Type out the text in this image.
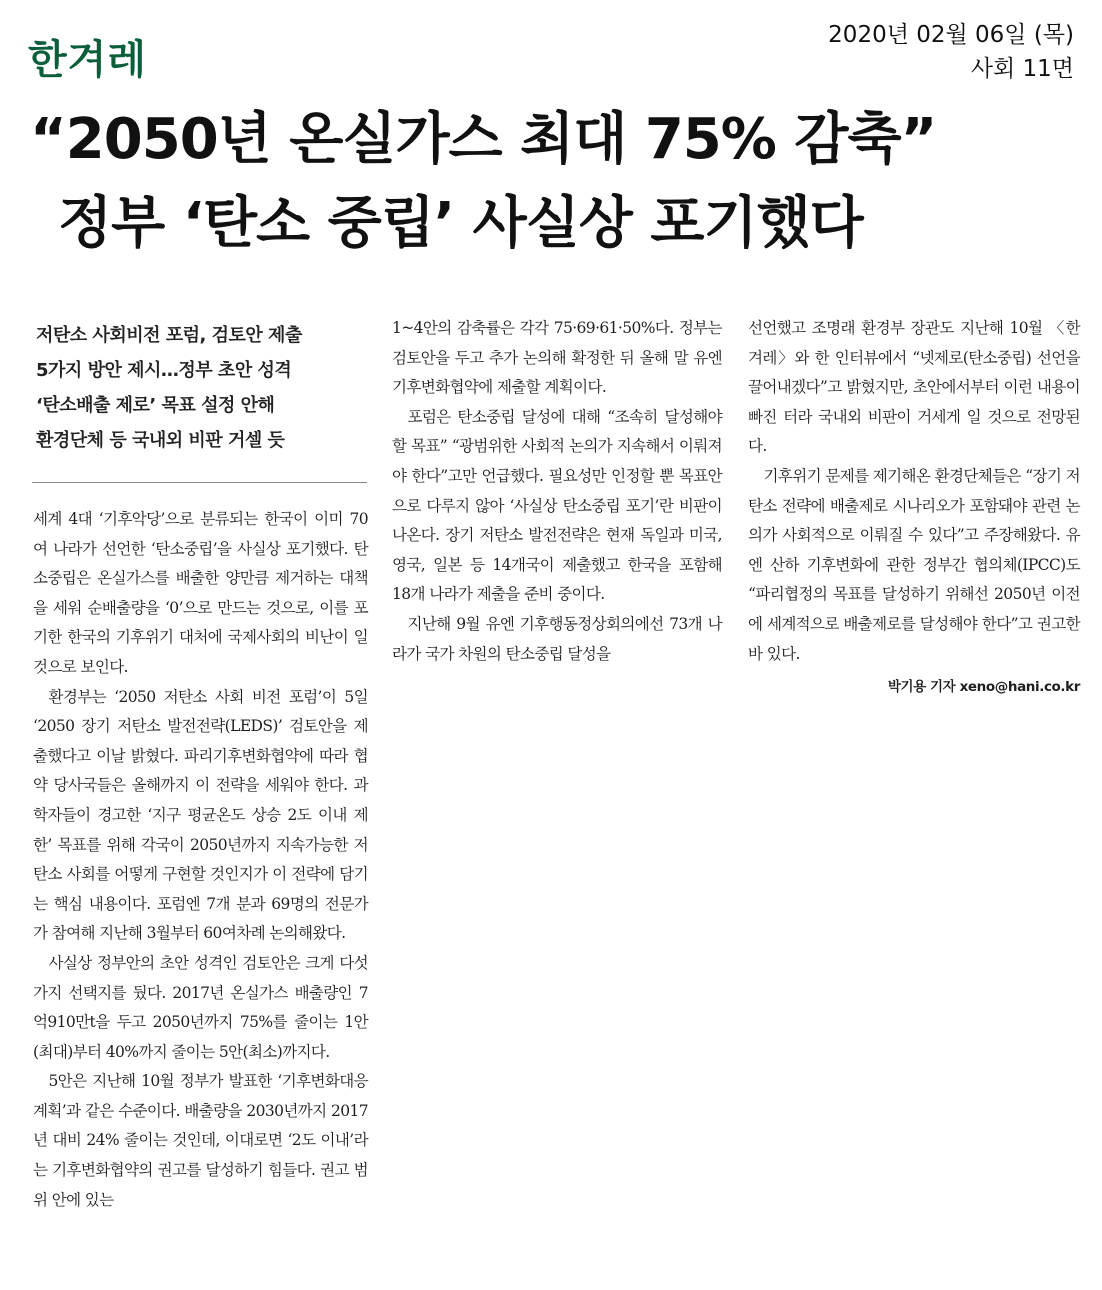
한겨레
2020년 02월 06일 (목)
사회 11면
“2050년 온실가스 최대 75% 감축”
정부 ‘탄소 중립’ 사실상 포기했다
저탄소 사회비전 포럼, 검토안 제출
5가지 방안 제시…정부 초안 성격
‘탄소배출 제로’ 목표 설정 안해
환경단체 등 국내외 비판 거셀 듯

세계 4대 ‘기후악당’으로 분류되는 한국이 이미 70여 나라가 선언한 ‘탄소중립’을 사실상 포기했다. 탄소중립은 온실가스를 배출한 양만큼 제거하는 대책을 세워 순배출량을 ‘0’으로 만드는 것으로, 이를 포기한 한국의 기후위기 대처에 국제사회의 비난이 일 것으로 보인다.

환경부는 ‘2050 저탄소 사회 비전 포럼’이 5일 ‘2050 장기 저탄소 발전전략(LEDS)’ 검토안을 제출했다고 이날 밝혔다. 파리기후변화협약에 따라 협약 당사국들은 올해까지 이 전략을 세워야 한다. 과학자들이 경고한 ‘지구 평균온도 상승 2도 이내 제한’ 목표를 위해 각국이 2050년까지 지속가능한 저탄소 사회를 어떻게 구현할 것인지가 이 전략에 담기는 핵심 내용이다. 포럼엔 7개 분과 69명의 전문가가 참여해 지난해 3월부터 60여차례 논의해왔다.

사실상 정부안의 초안 성격인 검토안은 크게 다섯 가지 선택지를 뒀다. 2017년 온실가스 배출량인 7억910만t을 두고 2050년까지 75%를 줄이는 1안(최대)부터 40%까지 줄이는 5안(최소)까지다.

5안은 지난해 10월 정부가 발표한 ‘기후변화대응계획’과 같은 수준이다. 배출량을 2030년까지 2017년 대비 24% 줄이는 것인데, 이대로면 ‘2도 이내’라는 기후변화협약의 권고를 달성하기 힘들다. 권고 범위 안에 있는

1~4안의 감축률은 각각 75·69·61·50%다. 정부는 검토안을 두고 추가 논의해 확정한 뒤 올해 말 유엔기후변화협약에 제출할 계획이다.

포럼은 탄소중립 달성에 대해 “조속히 달성해야 할 목표” “광범위한 사회적 논의가 지속해서 이뤄져야 한다”고만 언급했다. 필요성만 인정할 뿐 목표안으로 다루지 않아 ‘사실상 탄소중립 포기’란 비판이 나온다. 장기 저탄소 발전전략은 현재 독일과 미국, 영국, 일본 등 14개국이 제출했고 한국을 포함해 18개 나라가 제출을 준비 중이다.

지난해 9월 유엔 기후행동정상회의에선 73개 나라가 국가 차원의 탄소중립 달성을

선언했고 조명래 환경부 장관도 지난해 10월 〈한겨레〉와 한 인터뷰에서 “넷제로(탄소중립) 선언을 끌어내겠다”고 밝혔지만, 초안에서부터 이런 내용이 빠진 터라 국내외 비판이 거세게 일 것으로 전망된다.

기후위기 문제를 제기해온 환경단체들은 “장기 저탄소 전략에 배출제로 시나리오가 포함돼야 관련 논의가 사회적으로 이뤄질 수 있다”고 주장해왔다. 유엔 산하 기후변화에 관한 정부간 협의체(IPCC)도 “파리협정의 목표를 달성하기 위해선 2050년 이전에 세계적으로 배출제로를 달성해야 한다”고 권고한 바 있다.

박기용 기자 xeno@hani.co.kr
